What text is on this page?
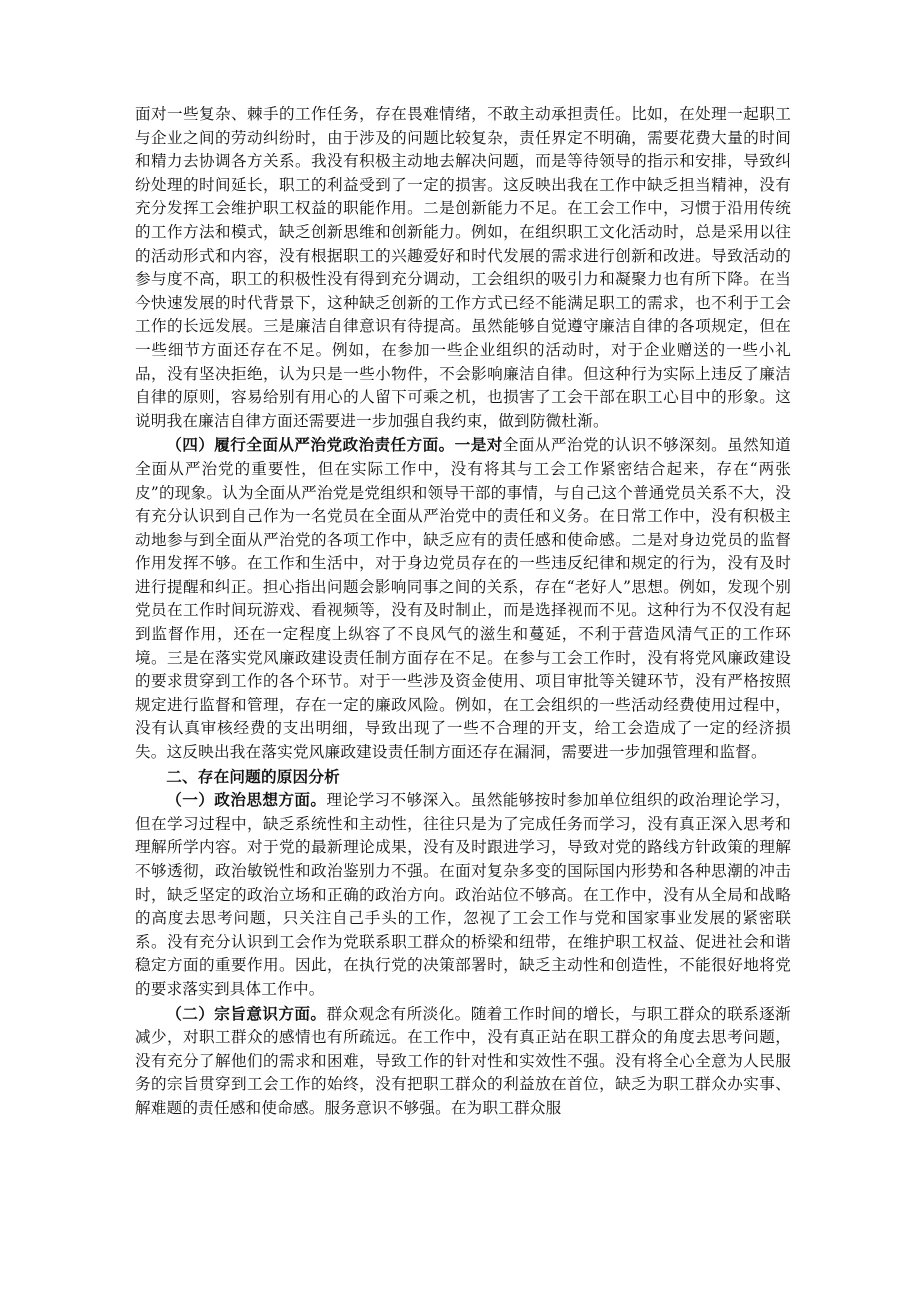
面对一些复杂、棘手的工作任务，存在畏难情绪，不敢主动承担责任。比如，在处理一起职工与企业之间的劳动纠纷时，由于涉及的问题比较复杂，责任界定不明确，需要花费大量的时间和精力去协调各方关系。我没有积极主动地去解决问题，而是等待领导的指示和安排，导致纠纷处理的时间延长，职工的利益受到了一定的损害。这反映出我在工作中缺乏担当精神，没有充分发挥工会维护职工权益的职能作用。二是创新能力不足。在工会工作中，习惯于沿用传统的工作方法和模式，缺乏创新思维和创新能力。例如，在组织职工文化活动时，总是采用以往的活动形式和内容，没有根据职工的兴趣爱好和时代发展的需求进行创新和改进。导致活动的参与度不高，职工的积极性没有得到充分调动，工会组织的吸引力和凝聚力也有所下降。在当今快速发展的时代背景下，这种缺乏创新的工作方式已经不能满足职工的需求，也不利于工会工作的长远发展。三是廉洁自律意识有待提高。虽然能够自觉遵守廉洁自律的各项规定，但在一些细节方面还存在不足。例如，在参加一些企业组织的活动时，对于企业赠送的一些小礼品，没有坚决拒绝，认为只是一些小物件，不会影响廉洁自律。但这种行为实际上违反了廉洁自律的原则，容易给别有用心的人留下可乘之机，也损害了工会干部在职工心目中的形象。这说明我在廉洁自律方面还需要进一步加强自我约束，做到防微杜渐。

（四）履行全面从严治党政治责任方面。一是对全面从严治党的认识不够深刻。虽然知道全面从严治党的重要性，但在实际工作中，没有将其与工会工作紧密结合起来，存在“两张皮”的现象。认为全面从严治党是党组织和领导干部的事情，与自己这个普通党员关系不大，没有充分认识到自己作为一名党员在全面从严治党中的责任和义务。在日常工作中，没有积极主动地参与到全面从严治党的各项工作中，缺乏应有的责任感和使命感。二是对身边党员的监督作用发挥不够。在工作和生活中，对于身边党员存在的一些违反纪律和规定的行为，没有及时进行提醒和纠正。担心指出问题会影响同事之间的关系，存在“老好人”思想。例如，发现个别党员在工作时间玩游戏、看视频等，没有及时制止，而是选择视而不见。这种行为不仅没有起到监督作用，还在一定程度上纵容了不良风气的滋生和蔓延，不利于营造风清气正的工作环境。三是在落实党风廉政建设责任制方面存在不足。在参与工会工作时，没有将党风廉政建设的要求贯穿到工作的各个环节。对于一些涉及资金使用、项目审批等关键环节，没有严格按照规定进行监督和管理，存在一定的廉政风险。例如，在工会组织的一些活动经费使用过程中，没有认真审核经费的支出明细，导致出现了一些不合理的开支，给工会造成了一定的经济损失。这反映出我在落实党风廉政建设责任制方面还存在漏洞，需要进一步加强管理和监督。

二、存在问题的原因分析

（一）政治思想方面。理论学习不够深入。虽然能够按时参加单位组织的政治理论学习，但在学习过程中，缺乏系统性和主动性，往往只是为了完成任务而学习，没有真正深入思考和理解所学内容。对于党的最新理论成果，没有及时跟进学习，导致对党的路线方针政策的理解不够透彻，政治敏锐性和政治鉴别力不强。在面对复杂多变的国际国内形势和各种思潮的冲击时，缺乏坚定的政治立场和正确的政治方向。政治站位不够高。在工作中，没有从全局和战略的高度去思考问题，只关注自己手头的工作，忽视了工会工作与党和国家事业发展的紧密联系。没有充分认识到工会作为党联系职工群众的桥梁和纽带，在维护职工权益、促进社会和谐稳定方面的重要作用。因此，在执行党的决策部署时，缺乏主动性和创造性，不能很好地将党的要求落实到具体工作中。

（二）宗旨意识方面。群众观念有所淡化。随着工作时间的增长，与职工群众的联系逐渐减少，对职工群众的感情也有所疏远。在工作中，没有真正站在职工群众的角度去思考问题，没有充分了解他们的需求和困难，导致工作的针对性和实效性不强。没有将全心全意为人民服务的宗旨贯穿到工会工作的始终，没有把职工群众的利益放在首位，缺乏为职工群众办实事、解难题的责任感和使命感。服务意识不够强。在为职工群众服
